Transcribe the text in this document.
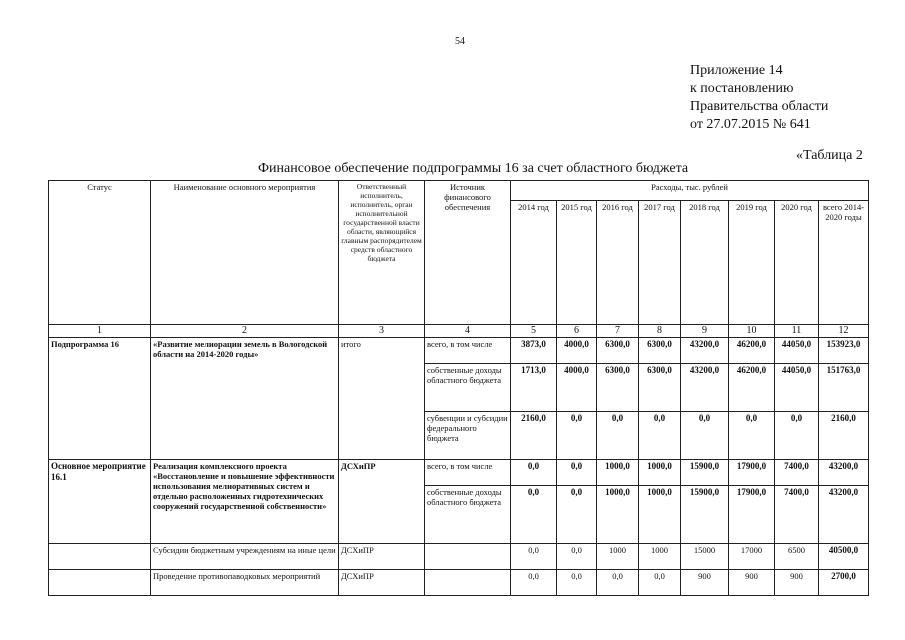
54
Приложение 14
к постановлению
Правительства области
от 27.07.2015 № 641
«Таблица 2
Финансовое обеспечение подпрограммы 16 за счет областного бюджета
Статус	Наименование основного мероприятия	Ответственный исполнитель, исполнитель, орган исполнительной государственной власти области, являющийся главным распорядителем средств областного бюджета	Источник финансового обеспечения	Расходы, тыс. рублей							
				2014 год	2015 год	2016 год	2017 год	2018 год	2019 год	2020 год	всего 2014-2020 годы
1	2	3	4	5	6	7	8	9	10	11	12
Подпрограмма 16	«Развитие мелиорации земель в Вологодской области на 2014-2020 годы»	итого	всего, в том числе	3873,0	4000,0	6300,0	6300,0	43200,0	46200,0	44050,0	153923,0
			собственные доходы областного бюджета	1713,0	4000,0	6300,0	6300,0	43200,0	46200,0	44050,0	151763,0
			субвенции и субсидии федерального бюджета	2160,0	0,0	0,0	0,0	0,0	0,0	0,0	2160,0
Основное мероприятие 16.1	Реализация комплексного проекта «Восстановление и повышение эффективности использования мелиоративных систем и отдельно расположенных гидротехнических сооружений государственной собственности»	ДСХиПР	всего, в том числе	0,0	0,0	1000,0	1000,0	15900,0	17900,0	7400,0	43200,0
			собственные доходы областного бюджета	0,0	0,0	1000,0	1000,0	15900,0	17900,0	7400,0	43200,0
	Субсидии бюджетным учреждениям на иные цели	ДСХиПР		0,0	0,0	1000	1000	15000	17000	6500	40500,0
	Проведение противопаводковых мероприятий	ДСХиПР		0,0	0,0	0,0	0,0	900	900	900	2700,0
